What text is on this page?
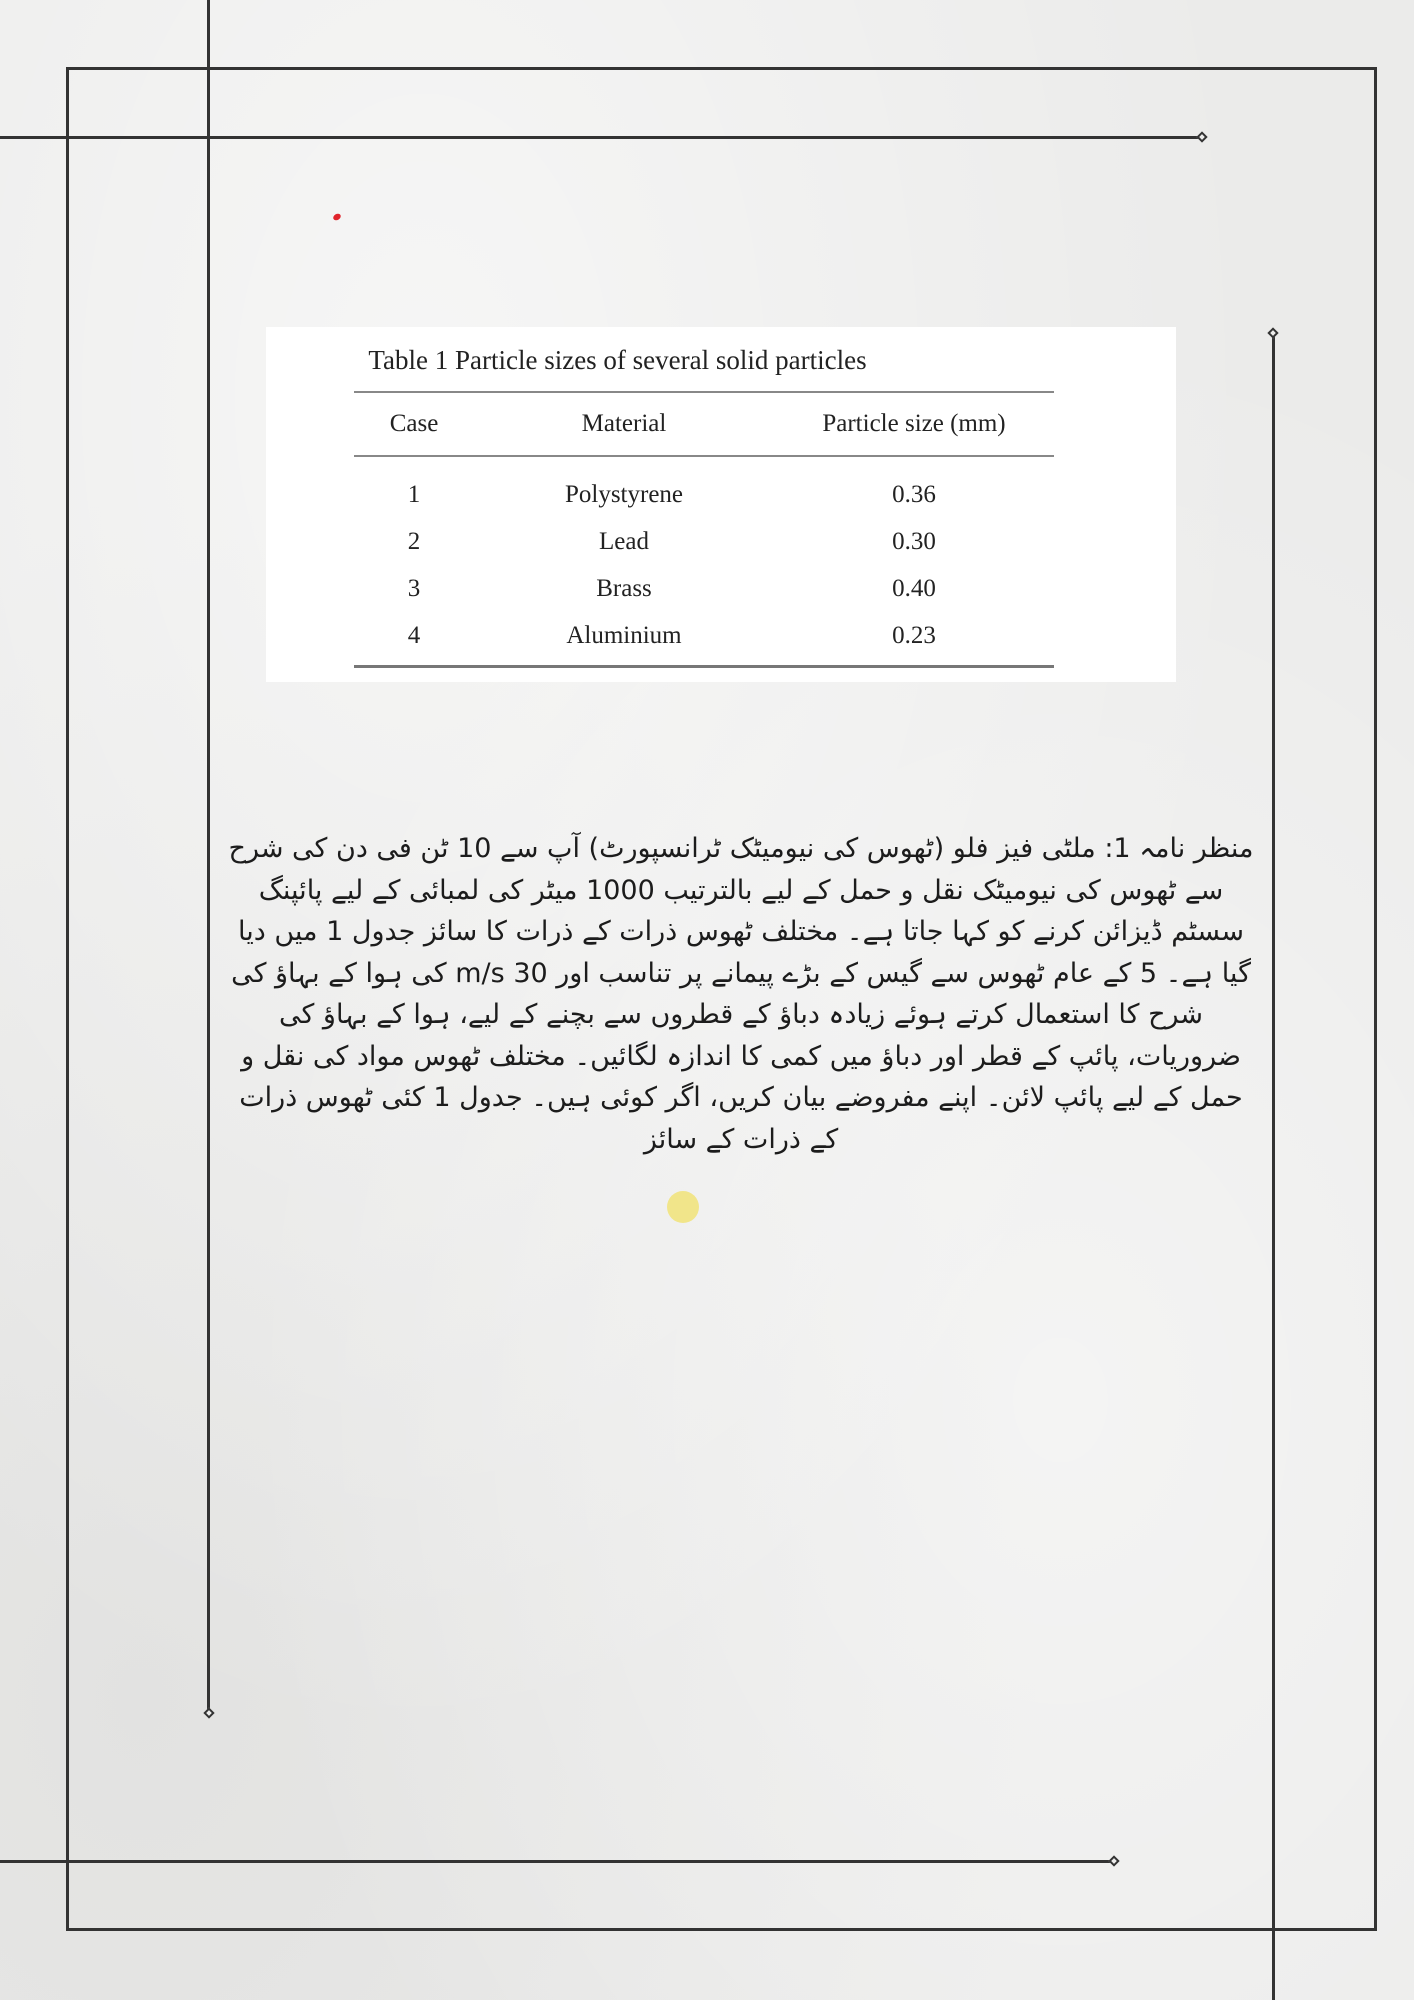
Table 1 Particle sizes of several solid particles
Case	Material	Particle size (mm)
1	Polystyrene	0.36
2	Lead	0.30
3	Brass	0.40
4	Aluminium	0.23

منظر نامہ 1: ملٹی فیز فلو (ٹھوس کی نیومیٹک ٹرانسپورٹ) آپ سے 10 ٹن فی دن کی شرح سے ٹھوس کی نیومیٹک نقل و حمل کے لیے بالترتیب 1000 میٹر کی لمبائی کے لیے پائپنگ سسٹم ڈیزائن کرنے کو کہا جاتا ہے۔ مختلف ٹھوس ذرات کے ذرات کا سائز جدول 1 میں دیا گیا ہے۔ 5 کے عام ٹھوس سے گیس کے بڑے پیمانے پر تناسب اور 30 m/s کی ہوا کے بہاؤ کی شرح کا استعمال کرتے ہوئے زیادہ دباؤ کے قطروں سے بچنے کے لیے، ہوا کے بہاؤ کی ضروریات، پائپ کے قطر اور دباؤ میں کمی کا اندازہ لگائیں۔ مختلف ٹھوس مواد کی نقل و حمل کے لیے پائپ لائن۔ اپنے مفروضے بیان کریں، اگر کوئی ہیں۔ جدول 1 کئی ٹھوس ذرات کے ذرات کے سائز
